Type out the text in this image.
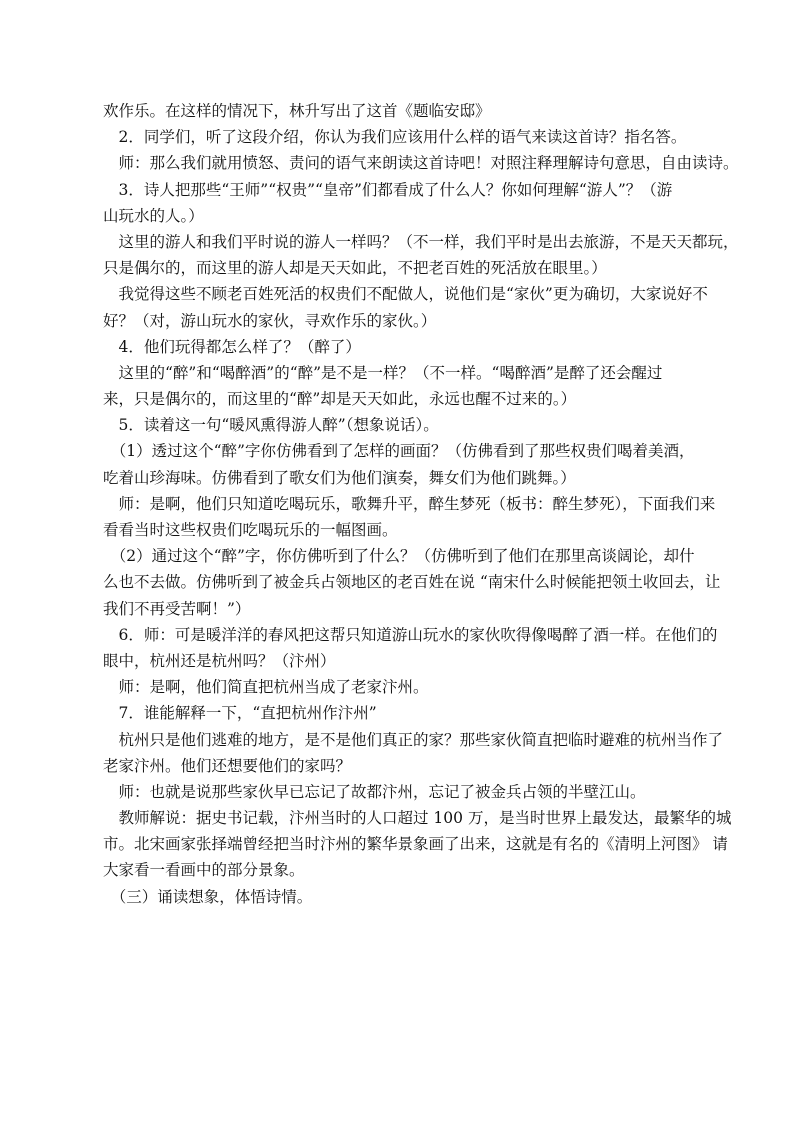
欢作乐。在这样的情况下，林升写出了这首《题临安邸》

　2．同学们，听了这段介绍，你认为我们应该用什么样的语气来读这首诗？指名答。

　师：那么我们就用愤怒、责问的语气来朗读这首诗吧！对照注释理解诗句意思，自由读诗。

　3．诗人把那些“王师”“权贵”“皇帝”们都看成了什么人？你如何理解“游人”？（游

山玩水的人。）

　这里的游人和我们平时说的游人一样吗？（不一样，我们平时是出去旅游，不是天天都玩，

只是偶尔的，而这里的游人却是天天如此，不把老百姓的死活放在眼里。）

　我觉得这些不顾老百姓死活的权贵们不配做人，说他们是“家伙”更为确切，大家说好不

好？（对，游山玩水的家伙，寻欢作乐的家伙。）

　4．他们玩得都怎么样了？（醉了）

　这里的“醉”和“喝醉酒”的“醉”是不是一样？（不一样。“喝醉酒”是醉了还会醒过

来，只是偶尔的，而这里的“醉”却是天天如此，永远也醒不过来的。）

　5．读着这一句“暖风熏得游人醉”（想象说话）。

　（1）透过这个“醉”字你仿佛看到了怎样的画面？（仿佛看到了那些权贵们喝着美酒，

吃着山珍海味。仿佛看到了歌女们为他们演奏，舞女们为他们跳舞。）

　师：是啊，他们只知道吃喝玩乐，歌舞升平，醉生梦死（板书：醉生梦死），下面我们来

看看当时这些权贵们吃喝玩乐的一幅图画。

　（2）通过这个“醉”字，你仿佛听到了什么？（仿佛听到了他们在那里高谈阔论，却什

么也不去做。仿佛听到了被金兵占领地区的老百姓在说 “南宋什么时候能把领土收回去，让

我们不再受苦啊！”）

　6．师：可是暖洋洋的春风把这帮只知道游山玩水的家伙吹得像喝醉了酒一样。在他们的

眼中，杭州还是杭州吗？（汴州）

　师：是啊，他们简直把杭州当成了老家汴州。

　7．谁能解释一下，“直把杭州作汴州”

　杭州只是他们逃难的地方，是不是他们真正的家？那些家伙简直把临时避难的杭州当作了

老家汴州。他们还想要他们的家吗？

　师：也就是说那些家伙早已忘记了故都汴州，忘记了被金兵占领的半壁江山。

　教师解说：据史书记载，汴州当时的人口超过 100 万，是当时世界上最发达，最繁华的城

市。北宋画家张择端曾经把当时汴州的繁华景象画了出来，这就是有名的《清明上河图》 请

大家看一看画中的部分景象。

　（三）诵读想象，体悟诗情。
